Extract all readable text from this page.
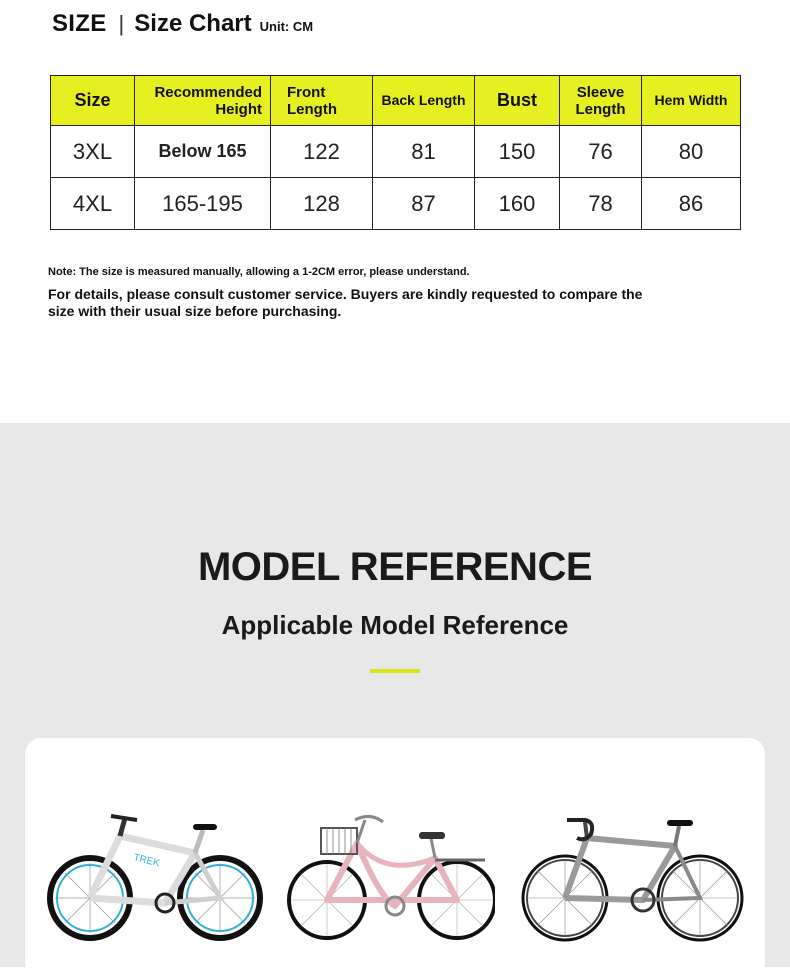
SIZE | Size Chart Unit: CM
Size	Recommended Height	Front Length	Back Length	Bust	Sleeve Length	Hem Width
3XL	Below 165	122	81	150	76	80
4XL	165-195	128	87	160	78	86
Note: The size is measured manually, allowing a 1-2CM error, please understand.
For details, please consult customer service. Buyers are kindly requested to compare the size with their usual size before purchasing.
MODEL REFERENCE
Applicable Model Reference
TREK
